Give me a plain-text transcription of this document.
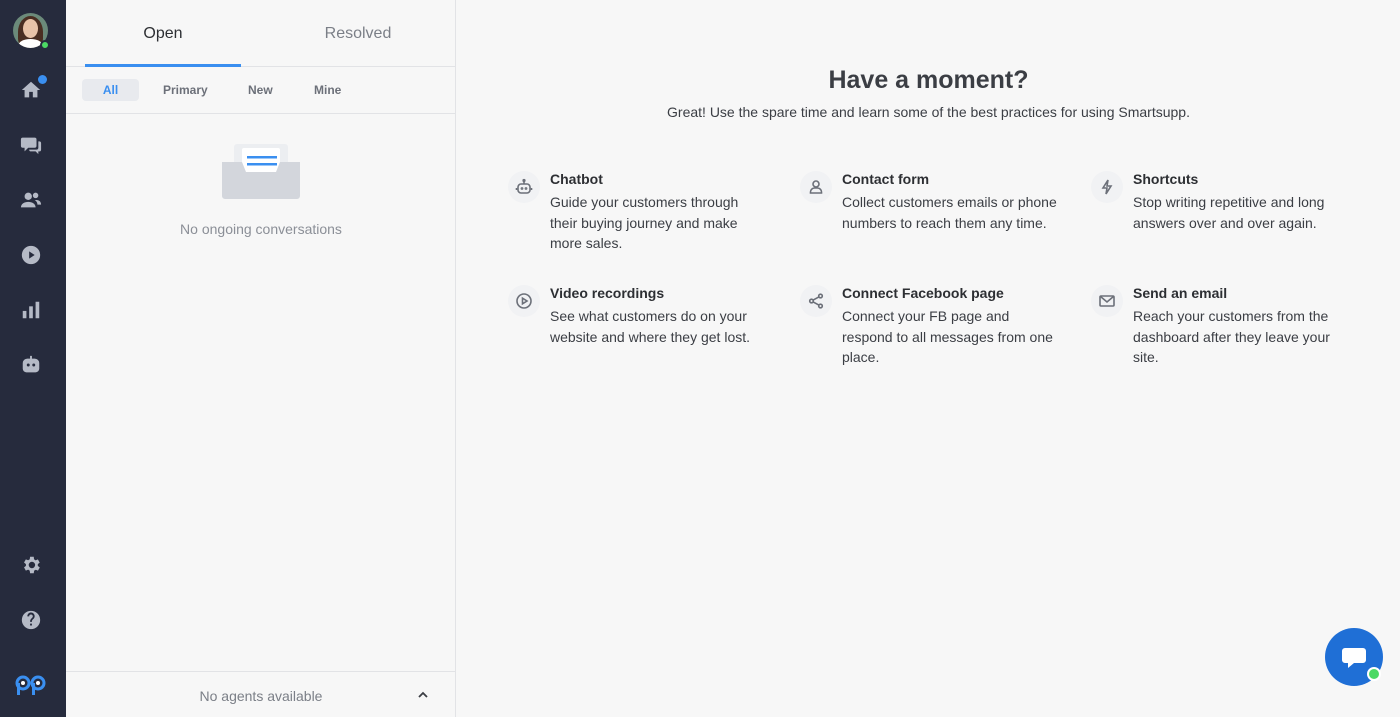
Open	Resolved
All	Primary	New	Mine
No ongoing conversations
No agents available
Have a moment?

Great! Use the spare time and learn some of the best practices for using Smartsupp.

Chatbot
Guide your customers through their buying journey and make more sales.
Contact form
Collect customers emails or phone numbers to reach them any time.
Shortcuts
Stop writing repetitive and long answers over and over again.
Video recordings
See what customers do on your website and where they get lost.
Connect Facebook page
Connect your FB page and respond to all messages from one place.
Send an email
Reach your customers from the dashboard after they leave your site.
